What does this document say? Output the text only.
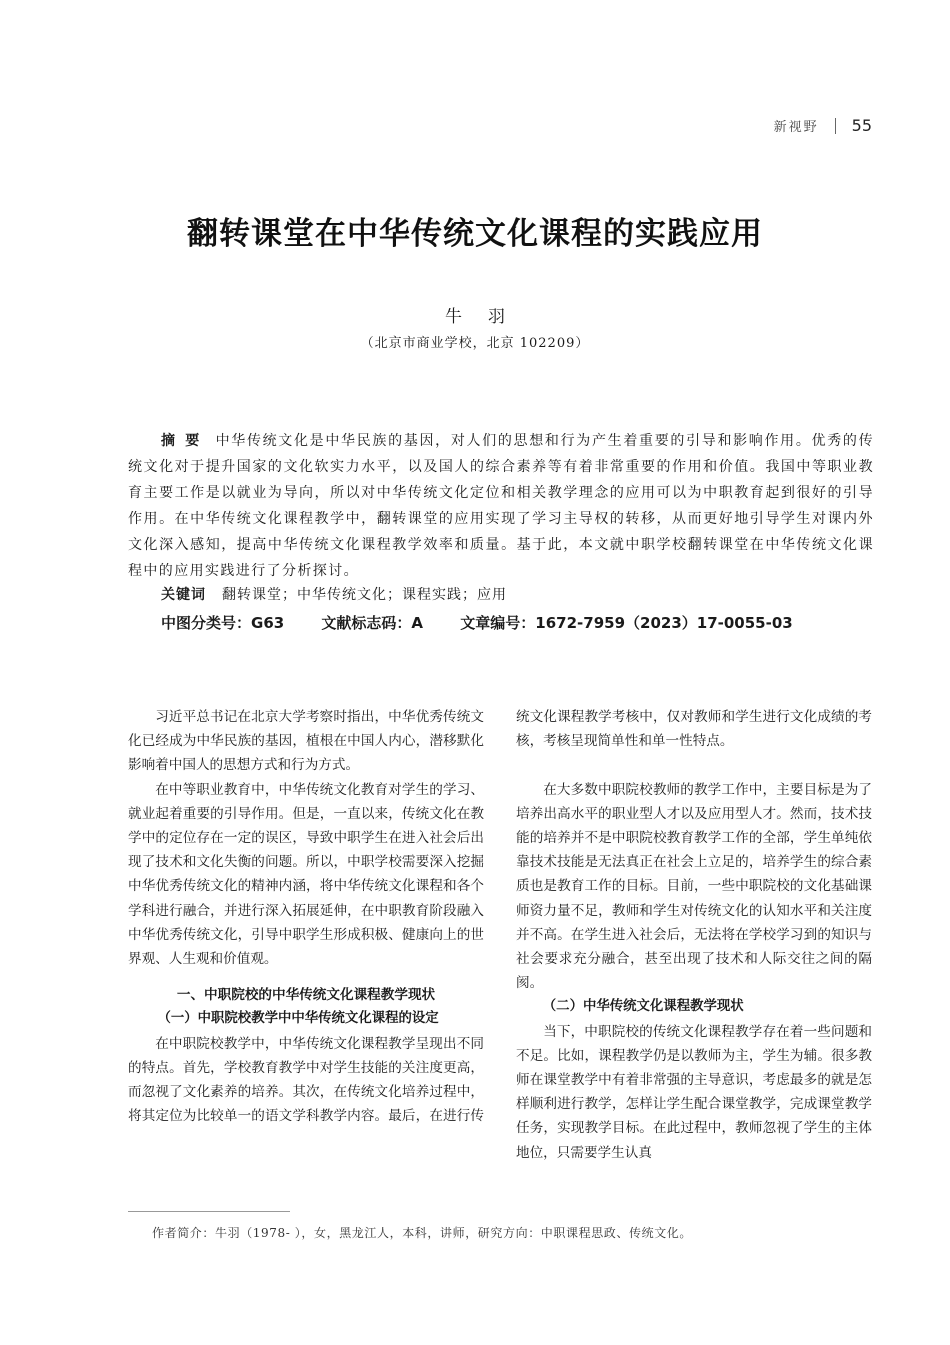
新视野 55
翻转课堂在中华传统文化课程的实践应用
牛羽
（北京市商业学校，北京 102209）

摘要 中华传统文化是中华民族的基因，对人们的思想和行为产生着重要的引导和影响作用。优秀的传统文化对于提升国家的文化软实力水平，以及国人的综合素养等有着非常重要的作用和价值。我国中等职业教育主要工作是以就业为导向，所以对中华传统文化定位和相关教学理念的应用可以为中职教育起到很好的引导作用。在中华传统文化课程教学中，翻转课堂的应用实现了学习主导权的转移，从而更好地引导学生对课内外文化深入感知，提高中华传统文化课程教学效率和质量。基于此，本文就中职学校翻转课堂在中华传统文化课程中的应用实践进行了分析探讨。

关键词 翻转课堂；中华传统文化；课程实践；应用
中图分类号：G63 文献标志码：A 文章编号：1672-7959（2023）17-0055-03

习近平总书记在北京大学考察时指出，中华优秀传统文化已经成为中华民族的基因，植根在中国人内心，潜移默化影响着中国人的思想方式和行为方式。

在中等职业教育中，中华传统文化教育对学生的学习、就业起着重要的引导作用。但是，一直以来，传统文化在教学中的定位存在一定的误区，导致中职学生在进入社会后出现了技术和文化失衡的问题。所以，中职学校需要深入挖掘中华优秀传统文化的精神内涵，将中华传统文化课程和各个学科进行融合，并进行深入拓展延伸，在中职教育阶段融入中华优秀传统文化，引导中职学生形成积极、健康向上的世界观、人生观和价值观。

一、中职院校的中华传统文化课程教学现状
（一）中职院校教学中中华传统文化课程的设定

在中职院校教学中，中华传统文化课程教学呈现出不同的特点。首先，学校教育教学中对学生技能的关注度更高，而忽视了文化素养的培养。其次，在传统文化培养过程中，将其定位为比较单一的语文学科教学内容。最后，在进行传

统文化课程教学考核中，仅对教师和学生进行文化成绩的考核，考核呈现简单性和单一性特点。

在大多数中职院校教师的教学工作中，主要目标是为了培养出高水平的职业型人才以及应用型人才。然而，技术技能的培养并不是中职院校教育教学工作的全部，学生单纯依靠技术技能是无法真正在社会上立足的，培养学生的综合素质也是教育工作的目标。目前，一些中职院校的文化基础课师资力量不足，教师和学生对传统文化的认知水平和关注度并不高。在学生进入社会后，无法将在学校学习到的知识与社会要求充分融合，甚至出现了技术和人际交往之间的隔阂。

（二）中华传统文化课程教学现状

当下，中职院校的传统文化课程教学存在着一些问题和不足。比如，课程教学仍是以教师为主，学生为辅。很多教师在课堂教学中有着非常强的主导意识，考虑最多的就是怎样顺利进行教学，怎样让学生配合课堂教学，完成课堂教学任务，实现教学目标。在此过程中，教师忽视了学生的主体地位，只需要学生认真

作者简介：牛羽（1978- ），女，黑龙江人，本科，讲师，研究方向：中职课程思政、传统文化。
